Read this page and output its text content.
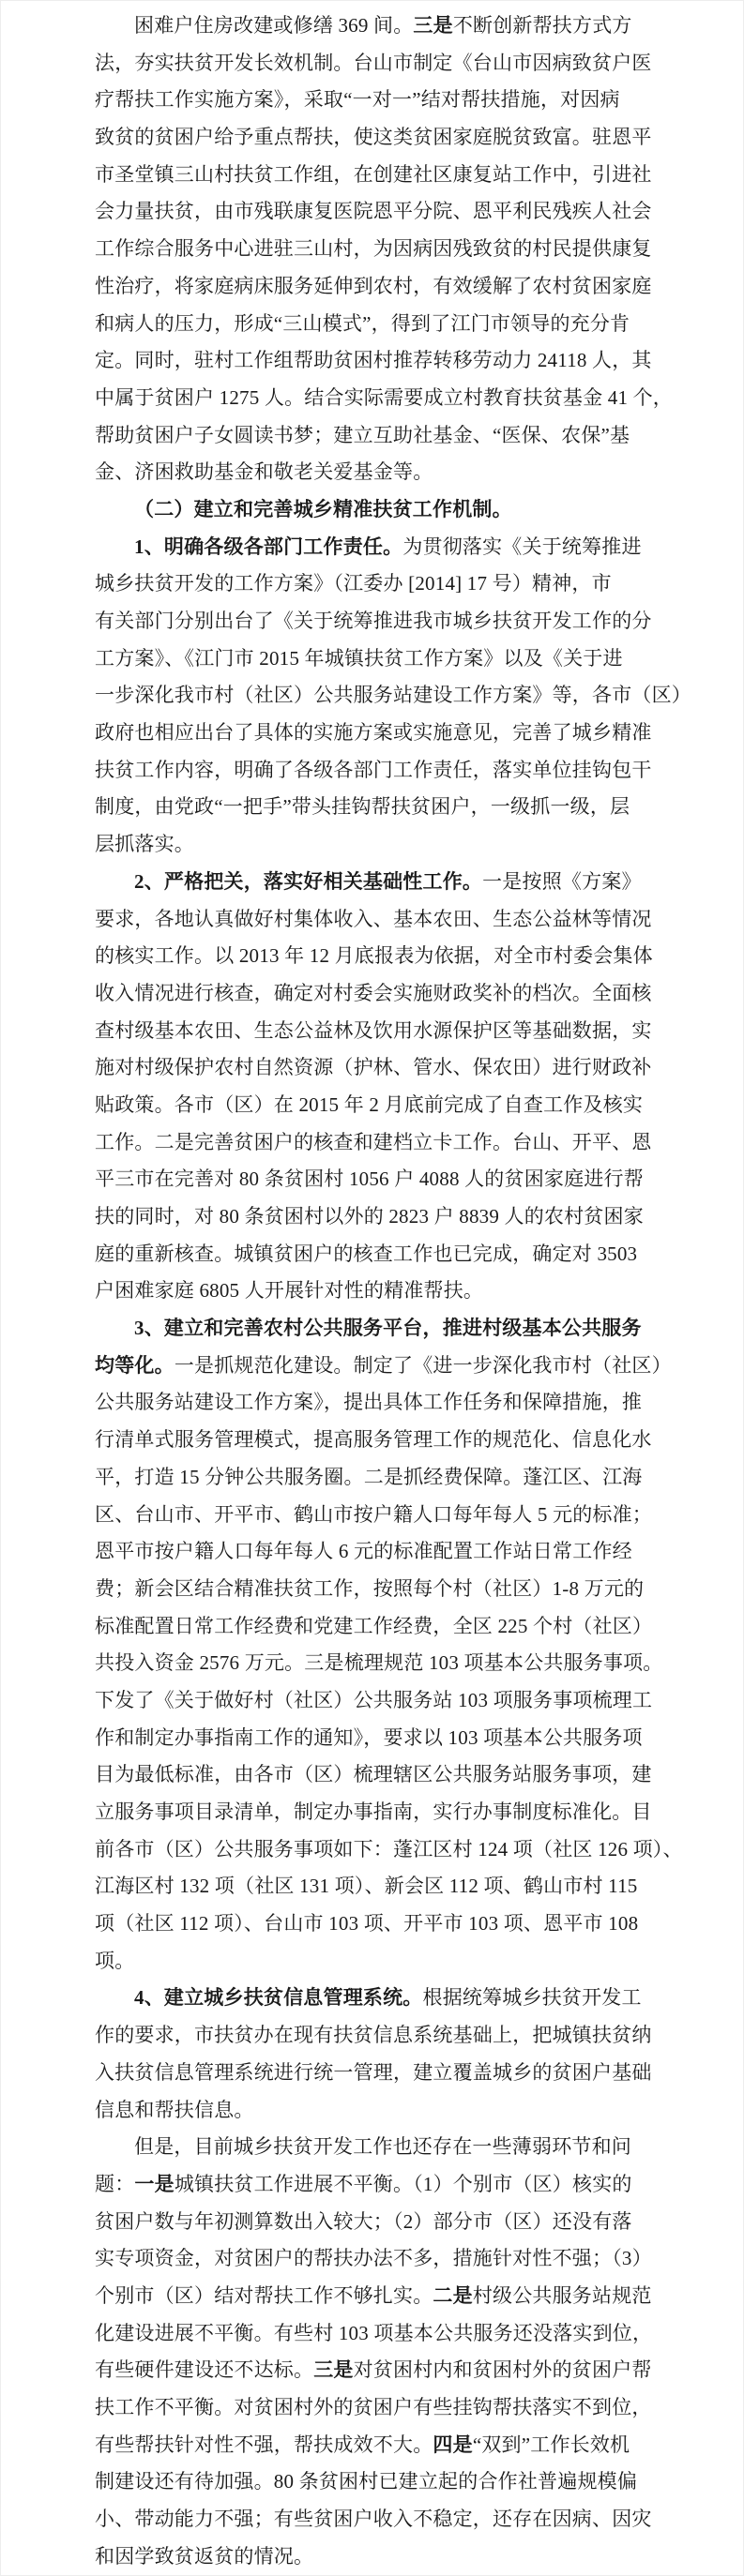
困难户住房改建或修缮 369 间。三是不断创新帮扶方式方
法，夯实扶贫开发长效机制。台山市制定《台山市因病致贫户医
疗帮扶工作实施方案》，采取“一对一”结对帮扶措施，对因病
致贫的贫困户给予重点帮扶，使这类贫困家庭脱贫致富。驻恩平
市圣堂镇三山村扶贫工作组，在创建社区康复站工作中，引进社
会力量扶贫，由市残联康复医院恩平分院、恩平利民残疾人社会
工作综合服务中心进驻三山村，为因病因残致贫的村民提供康复
性治疗，将家庭病床服务延伸到农村，有效缓解了农村贫困家庭
和病人的压力，形成“三山模式”，得到了江门市领导的充分肯
定。同时，驻村工作组帮助贫困村推荐转移劳动力 24118 人，其
中属于贫困户 1275 人。结合实际需要成立村教育扶贫基金 41 个，
帮助贫困户子女圆读书梦；建立互助社基金、“医保、农保”基
金、济困救助基金和敬老关爱基金等。
（二）建立和完善城乡精准扶贫工作机制。
1、明确各级各部门工作责任。为贯彻落实《关于统筹推进
城乡扶贫开发的工作方案》（江委办 [2014] 17 号）精神，市
有关部门分别出台了《关于统筹推进我市城乡扶贫开发工作的分
工方案》、《江门市 2015 年城镇扶贫工作方案》以及《关于进
一步深化我市村（社区）公共服务站建设工作方案》等，各市（区）
政府也相应出台了具体的实施方案或实施意见，完善了城乡精准
扶贫工作内容，明确了各级各部门工作责任，落实单位挂钩包干
制度，由党政“一把手”带头挂钩帮扶贫困户，一级抓一级，层
层抓落实。
2、严格把关，落实好相关基础性工作。一是按照《方案》
要求，各地认真做好村集体收入、基本农田、生态公益林等情况
的核实工作。以 2013 年 12 月底报表为依据，对全市村委会集体
收入情况进行核查，确定对村委会实施财政奖补的档次。全面核
查村级基本农田、生态公益林及饮用水源保护区等基础数据，实
施对村级保护农村自然资源（护林、管水、保农田）进行财政补
贴政策。各市（区）在 2015 年 2 月底前完成了自查工作及核实
工作。二是完善贫困户的核查和建档立卡工作。台山、开平、恩
平三市在完善对 80 条贫困村 1056 户 4088 人的贫困家庭进行帮
扶的同时，对 80 条贫困村以外的 2823 户 8839 人的农村贫困家
庭的重新核查。城镇贫困户的核查工作也已完成，确定对 3503
户困难家庭 6805 人开展针对性的精准帮扶。
3、建立和完善农村公共服务平台，推进村级基本公共服务
均等化。一是抓规范化建设。制定了《进一步深化我市村（社区）
公共服务站建设工作方案》，提出具体工作任务和保障措施，推
行清单式服务管理模式，提高服务管理工作的规范化、信息化水
平，打造 15 分钟公共服务圈。二是抓经费保障。蓬江区、江海
区、台山市、开平市、鹤山市按户籍人口每年每人 5 元的标准；
恩平市按户籍人口每年每人 6 元的标准配置工作站日常工作经
费；新会区结合精准扶贫工作，按照每个村（社区）1-8 万元的
标准配置日常工作经费和党建工作经费，全区 225 个村（社区）
共投入资金 2576 万元。三是梳理规范 103 项基本公共服务事项。
下发了《关于做好村（社区）公共服务站 103 项服务事项梳理工
作和制定办事指南工作的通知》，要求以 103 项基本公共服务项
目为最低标准，由各市（区）梳理辖区公共服务站服务事项，建
立服务事项目录清单，制定办事指南，实行办事制度标准化。目
前各市（区）公共服务事项如下：蓬江区村 124 项（社区 126 项）、
江海区村 132 项（社区 131 项）、新会区 112 项、鹤山市村 115
项（社区 112 项）、台山市 103 项、开平市 103 项、恩平市 108
项。
4、建立城乡扶贫信息管理系统。根据统筹城乡扶贫开发工
作的要求，市扶贫办在现有扶贫信息系统基础上，把城镇扶贫纳
入扶贫信息管理系统进行统一管理，建立覆盖城乡的贫困户基础
信息和帮扶信息。
但是，目前城乡扶贫开发工作也还存在一些薄弱环节和问
题：一是城镇扶贫工作进展不平衡。（1）个别市（区）核实的
贫困户数与年初测算数出入较大；（2）部分市（区）还没有落
实专项资金，对贫困户的帮扶办法不多，措施针对性不强；（3）
个别市（区）结对帮扶工作不够扎实。二是村级公共服务站规范
化建设进展不平衡。有些村 103 项基本公共服务还没落实到位，
有些硬件建设还不达标。三是对贫困村内和贫困村外的贫困户帮
扶工作不平衡。对贫困村外的贫困户有些挂钩帮扶落实不到位，
有些帮扶针对性不强，帮扶成效不大。四是“双到”工作长效机
制建设还有待加强。80 条贫困村已建立起的合作社普遍规模偏
小、带动能力不强；有些贫困户收入不稳定，还存在因病、因灾
和因学致贫返贫的情况。
